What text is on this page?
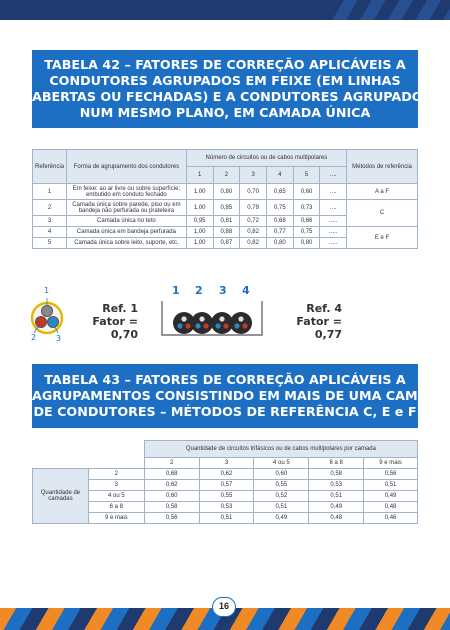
TABELA 42 – FATORES DE CORREÇÃO APLICÁVEIS A
CONDUTORES AGRUPADOS EM FEIXE (EM LINHAS
ABERTAS OU FECHADAS) E A CONDUTORES AGRUPADOS
NUM MESMO PLANO, EM CAMADA ÚNICA
Referência	Forma de agrupamento dos condutores	Número de circuitos ou de cabos multipolares						Métodos de referência
		1	2	3	4	5	....	
1	Em feixe: ao ar livre ou sobre superfície; embutido em conduto fechado	1,00	0,80	0,70	0,65	0,60	....	A a F
2	Camada única sobre parede, piso ou em bandeja não perfurada ou prateleira	1,00	0,85	0,79	0,75	0,73	....	C
3	Camada única no teto	0,95	0,81	0,72	0,68	0,66	.....	
4	Camada única em bandeja perfurada	1,00	0,88	0,82	0,77	0,75	.....	E e F
5	Camada única sobre leito, suporte, etc.	1,00	0,87	0,82	0,80	0,80	.....	
1
2 3
Ref. 1
Fator = 0,70
1 2 3 4
Ref. 4
Fator = 0,77
TABELA 43 – FATORES DE CORREÇÃO APLICÁVEIS A
AGRUPAMENTOS CONSISTINDO EM MAIS DE UMA CAMADA
DE CONDUTORES – MÉTODOS DE REFERÊNCIA C, E e F
		Quantidade de circuitos trifásicos ou de cabos multipolares por camada				
		2	3	4 ou 5	6 a 8	9 e mais
Quantidade de camadas	2	0,68	0,62	0,60	0,58	0,56
	3	0,62	0,57	0,55	0,53	0,51
	4 ou 5	0,60	0,55	0,52	0,51	0,49
	6 a 8	0,58	0,53	0,51	0,49	0,48
	9 e mais	0,56	0,51	0,49	0,48	0,46
16
